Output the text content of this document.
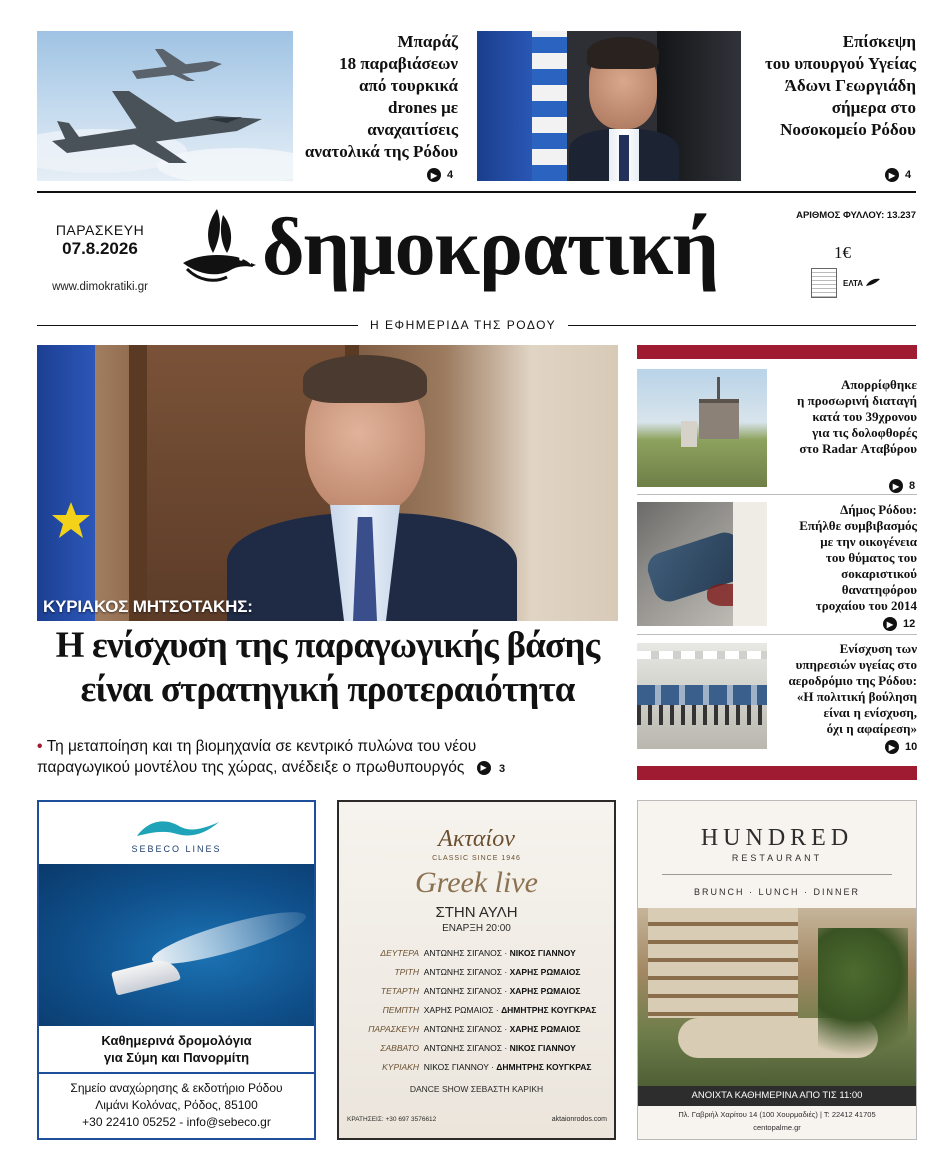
Μπαράζ
18 παραβιάσεων
από τουρκικά
drones με αναχαιτίσεις
ανατολικά της Ρόδου
▶ 4
Επίσκεψη
του υπουργού Υγείας
Άδωνι Γεωργιάδη
σήμερα στο
Νοσοκομείο Ρόδου
▶ 4
ΠΑΡΑΣΚΕΥΗ
07.8.2026
www.dimokratiki.gr δημοκρατική	ΑΡΙΘΜΟΣ ΦΥΛΛΟΥ: 13.237
1€
ΕΛΤΑ
Η ΕΦΗΜΕΡΙΔΑ ΤΗΣ ΡΟΔΟΥ
ΚΥΡΙΑΚΟΣ ΜΗΤΣΟΤΑΚΗΣ:
Η ενίσχυση της παραγωγικής βάσης
είναι στρατηγική προτεραιότητα
• Τη μεταποίηση και τη βιομηχανία σε κεντρικό πυλώνα του νέου
παραγωγικού μοντέλου της χώρας, ανέδειξε ο πρωθυπουργός ▶ 3
Απορρίφθηκε
η προσωρινή διαταγή
κατά του 39χρονου
για τις δολοφθορές
στο Radar Αταβύρου
▶ 8
Δήμος Ρόδου:
Επήλθε συμβιβασμός
με την οικογένεια
του θύματος του
σοκαριστικού
θανατηφόρου
τροχαίου του 2014
▶ 12
Ενίσχυση των
υπηρεσιών υγείας στο
αεροδρόμιο της Ρόδου:
«Η πολιτική βούληση
είναι η ενίσχυση,
όχι η αφαίρεση»
▶ 10
SEBECO LINES
Καθημερινά δρομολόγια
για Σύμη και Πανορμίτη
Σημείο αναχώρησης & εκδοτήριο Ρόδου
Λιμάνι Κολόνας, Ρόδος, 85100
+30 22410 05252 - info@sebeco.gr
Ακταίον
CLASSIC SINCE 1946
Greek live
ΣΤΗΝ ΑΥΛΗ
ΕΝΑΡΞΗ 20:00
ΔΕΥΤΕΡΑ ΑΝΤΩΝΗΣ ΣΙΓΑΝΟΣ · ΝΙΚΟΣ ΓΙΑΝΝΟΥ
ΤΡΙΤΗ ΑΝΤΩΝΗΣ ΣΙΓΑΝΟΣ · ΧΑΡΗΣ ΡΩΜΑΙΟΣ
ΤΕΤΑΡΤΗ ΑΝΤΩΝΗΣ ΣΙΓΑΝΟΣ · ΧΑΡΗΣ ΡΩΜΑΙΟΣ
ΠΕΜΠΤΗ ΧΑΡΗΣ ΡΩΜΑΙΟΣ · ΔΗΜΗΤΡΗΣ ΚΟΥΓΚΡΑΣ
ΠΑΡΑΣΚΕΥΗ ΑΝΤΩΝΗΣ ΣΙΓΑΝΟΣ · ΧΑΡΗΣ ΡΩΜΑΙΟΣ
ΣΑΒΒΑΤΟ ΑΝΤΩΝΗΣ ΣΙΓΑΝΟΣ · ΝΙΚΟΣ ΓΙΑΝΝΟΥ
ΚΥΡΙΑΚΗ ΝΙΚΟΣ ΓΙΑΝΝΟΥ · ΔΗΜΗΤΡΗΣ ΚΟΥΓΚΡΑΣ
DANCE SHOW ΣΕΒΑΣΤΗ ΚΑΡΙΚΗ
ΚΡΑΤΗΣΕΙΣ: +30 697 3576612	aktaionrodos.com
HUNDRED
RESTAURANT
BRUNCH · LUNCH · DINNER
ΑΝΟΙΧΤΑ ΚΑΘΗΜΕΡΙΝΑ ΑΠΟ ΤΙΣ 11:00
Πλ. Γαβριήλ Χαρίτου 14 (100 Χουρμαδιές) | Τ: 22412 41705
centopalme.gr
